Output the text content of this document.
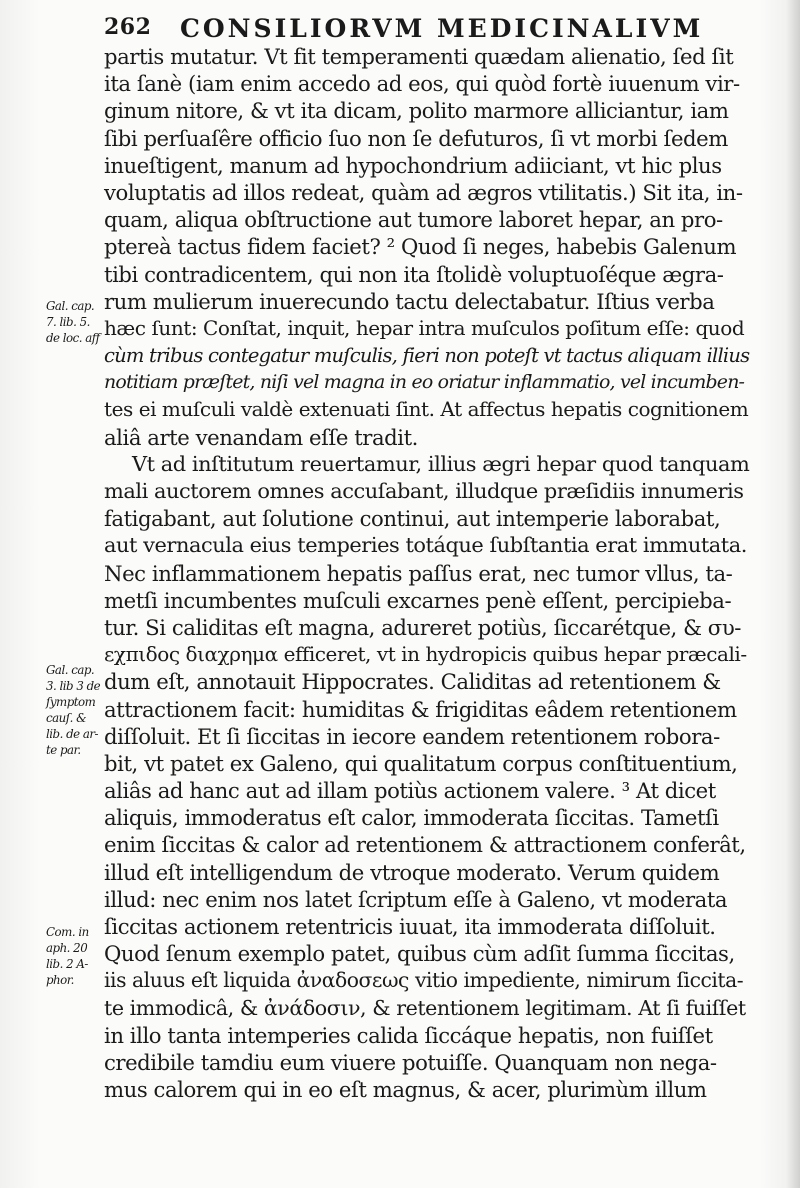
262 CONSILIORVM MEDICINALIVM
partis mutatur. Vt fit temperamenti quædam alienatio, ſed ſit
ita ſanè (iam enim accedo ad eos, qui quòd fortè iuuenum vir-
ginum nitore, & vt ita dicam, polito marmore alliciantur, iam
ſibi perſuaſêre officio ſuo non ſe defuturos, ſi vt morbi ſedem
inueſtigent, manum ad hypochondrium adiiciant, vt hic plus
voluptatis ad illos redeat, quàm ad ægros vtilitatis.) Sit ita, in-
quam, aliqua obſtructione aut tumore laboret hepar, an pro-
ptereà tactus fidem faciet? ² Quod ſi neges, habebis Galenum
tibi contradicentem, qui non ita ſtolidè voluptuoſéque ægra-
rum mulierum inuerecundo tactu delectabatur. Iſtius verba
hæc ſunt: Conſtat, inquit, hepar intra muſculos poſitum eſſe: quod
cùm tribus contegatur muſculis, fieri non poteſt vt tactus aliquam illius
notitiam præſtet, niſi vel magna in eo oriatur inflammatio, vel incumben-
tes ei muſculi valdè extenuati ſint. At affectus hepatis cognitionem
aliâ arte venandam eſſe tradit.
Vt ad inſtitutum reuertamur, illius ægri hepar quod tanquam
mali auctorem omnes accuſabant, illudque præſidiis innumeris
fatigabant, aut ſolutione continui, aut intemperie laborabat,
aut vernacula eius temperies totáque ſubſtantia erat immutata.
Nec inflammationem hepatis paſſus erat, nec tumor vllus, ta-
metſi incumbentes muſculi excarnes penè eſſent, percipieba-
tur. Si caliditas eſt magna, adureret potiùs, ſiccarétque, & συ-
εχπιδος διαχρημα efficeret, vt in hydropicis quibus hepar præcali-
dum eſt, annotauit Hippocrates. Caliditas ad retentionem &
attractionem facit: humiditas & frigiditas eâdem retentionem
diſſoluit. Et ſi ſiccitas in iecore eandem retentionem robora-
bit, vt patet ex Galeno, qui qualitatum corpus conſtituentium,
aliâs ad hanc aut ad illam potiùs actionem valere. ³ At dicet
aliquis, immoderatus eſt calor, immoderata ſiccitas. Tametſi
enim ſiccitas & calor ad retentionem & attractionem conferât,
illud eſt intelligendum de vtroque moderato. Verum quidem
illud: nec enim nos latet ſcriptum eſſe à Galeno, vt moderata
ſiccitas actionem retentricis iuuat, ita immoderata diſſoluit.
Quod ſenum exemplo patet, quibus cùm adſit ſumma ſiccitas,
iis aluus eſt liquida ἀναδοσεως vitio impediente, nimirum ſiccita-
te immodicâ, & ἀνάδοσιν, & retentionem legitimam. At ſi fuiſſet
in illo tanta intemperies calida ſiccáque hepatis, non fuiſſet
credibile tamdiu eum viuere potuiſſe. Quanquam non nega-
mus calorem qui in eo eſt magnus, & acer, plurimùm illum
Gal. cap.
7. lib. 5.
de loc. aff
Gal. cap.
3. lib 3 de
ſymptom
cauſ. &
lib. de ar-
te par.
Com. in
aph. 20
lib. 2 A-
phor.
